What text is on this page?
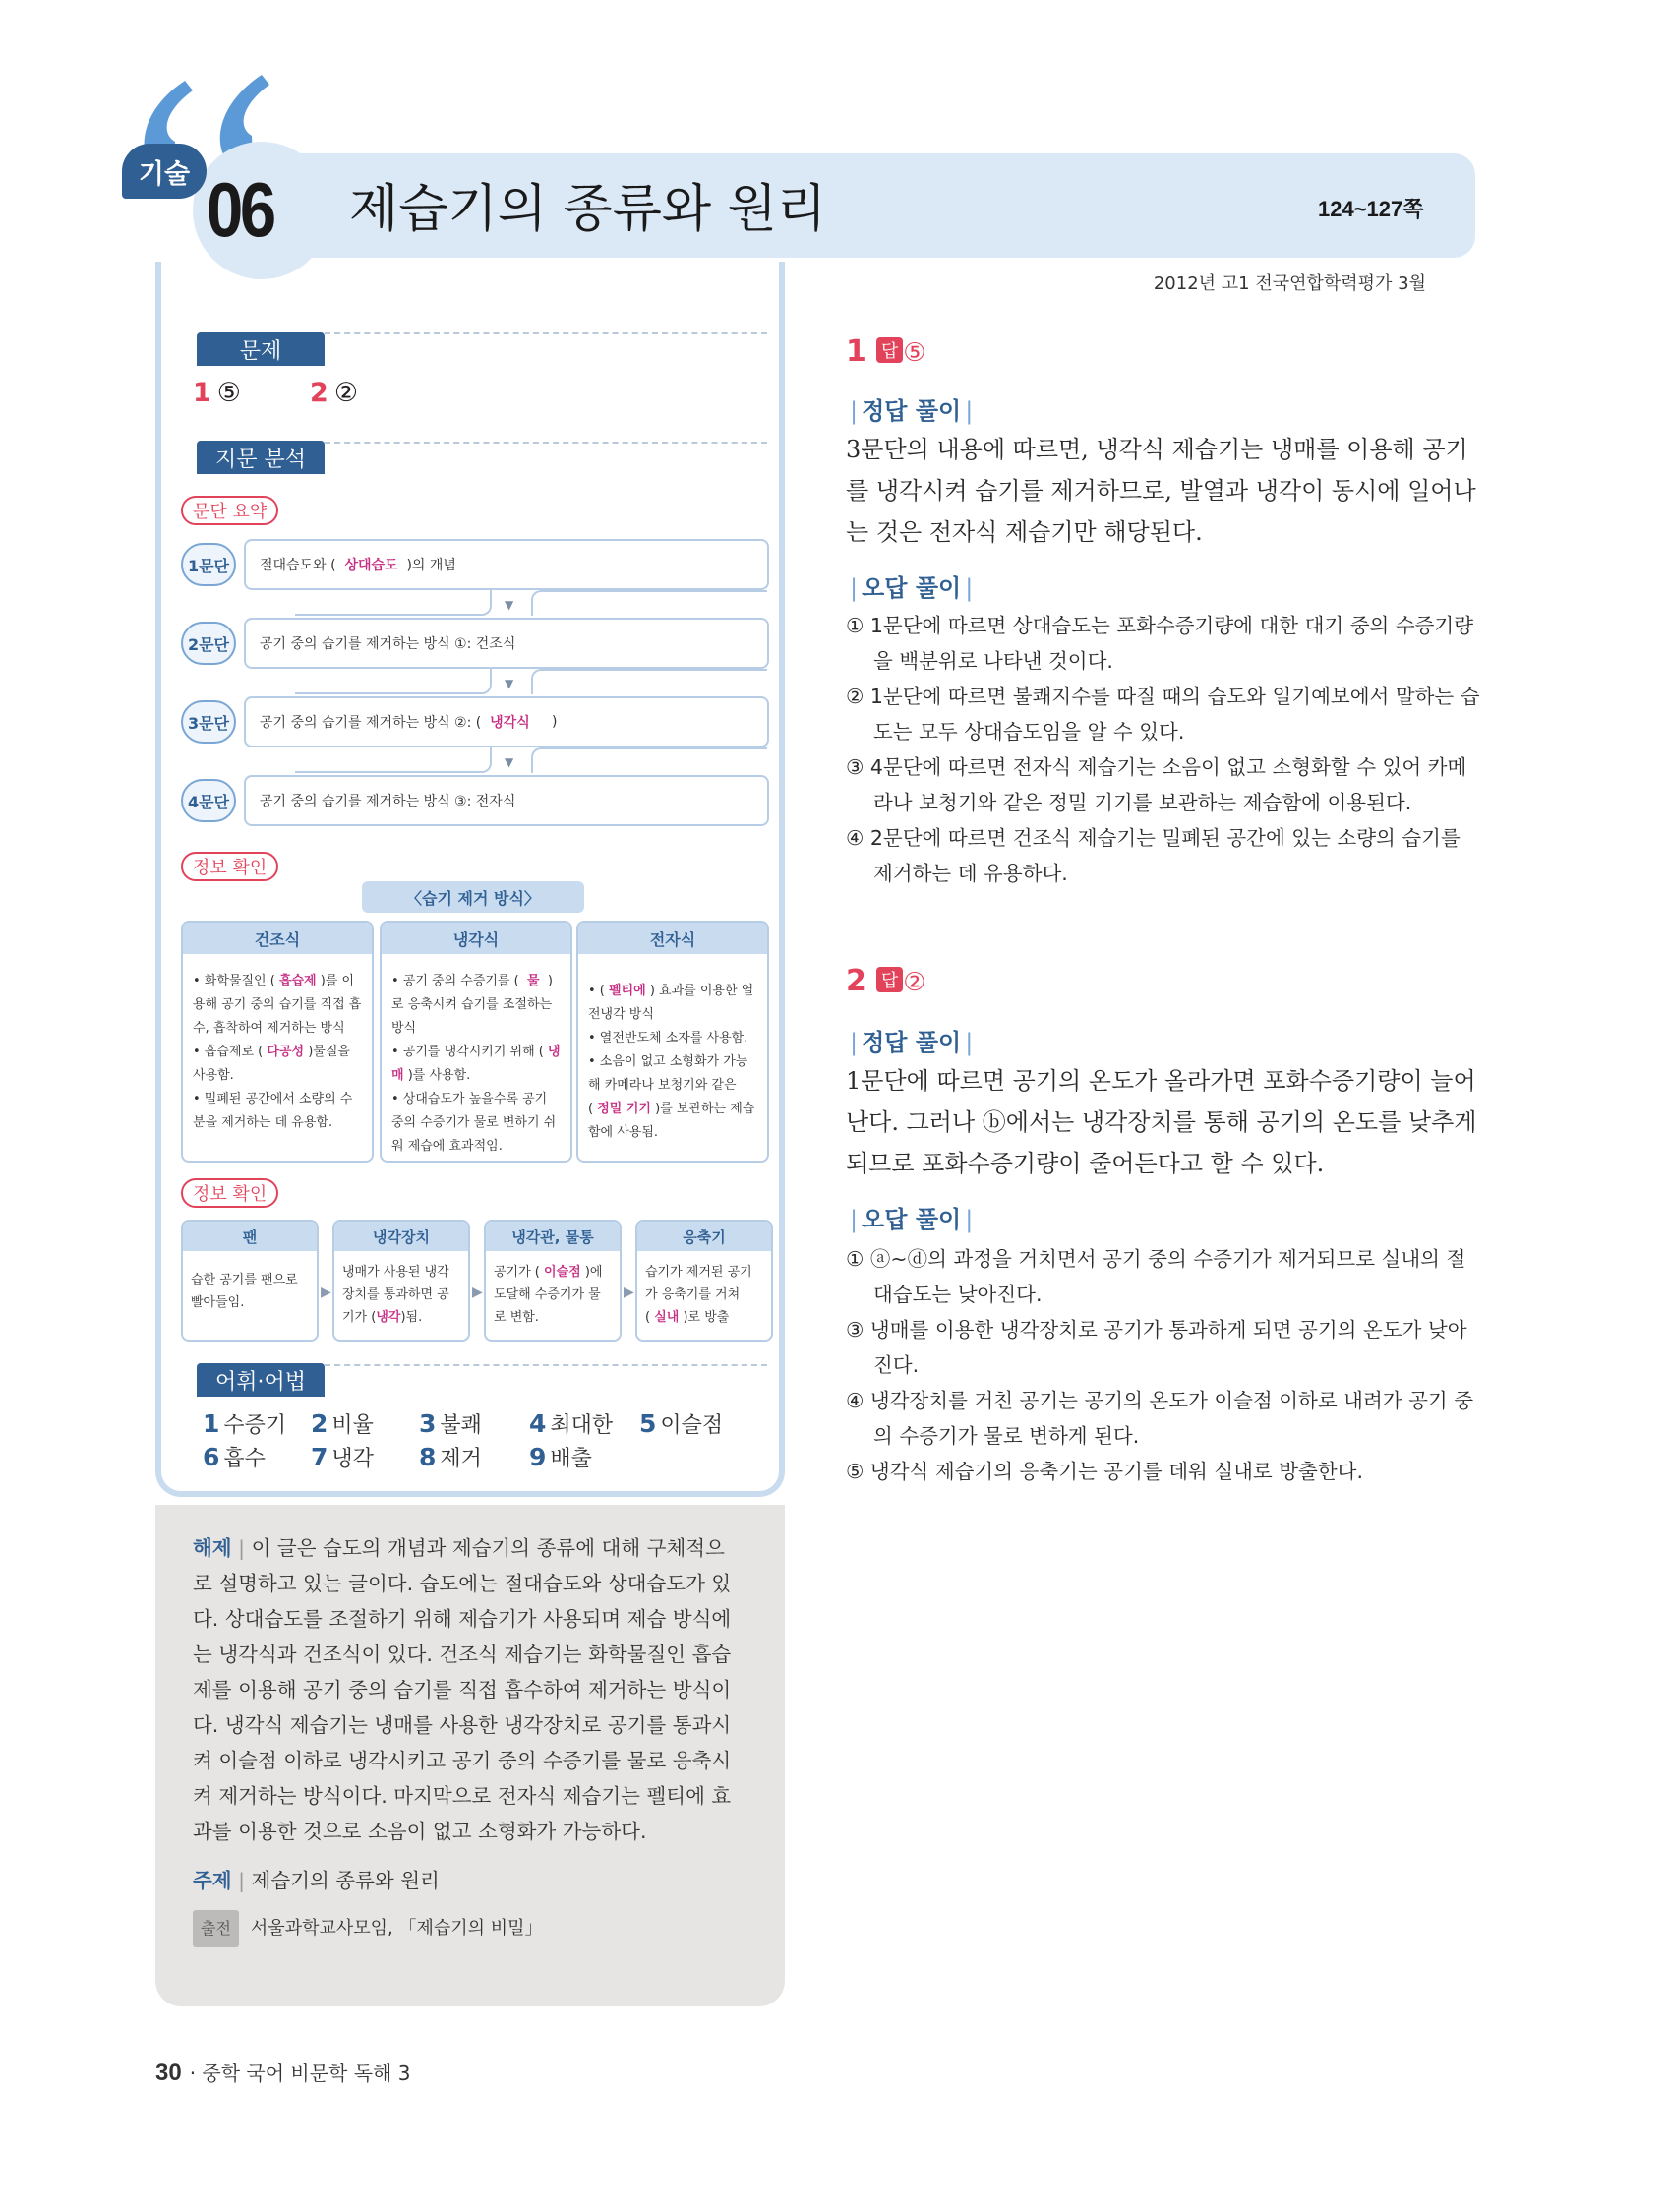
기술 06 제습기의 종류와 원리	124~127쪽
2012년 고1 전국연합학력평가 3월
문제
1 ⑤	2 ②
지문 분석
문단 요약
1문단	절대습도와 (
상대습도
)의 개념
▼
2문단	공기 중의 습기를 제거하는 방식 ①: 건조식
▼
3문단	공기 중의 습기를 제거하는 방식 ②: (
냉각식
)
▼
4문단	공기 중의 습기를 제거하는 방식 ③: 전자식
정보 확인
〈습기 제거 방식〉
건조식
• 화학물질인 ( 흡습제 )를 이용해 공기 중의 습기를 직접 흡수, 흡착하여 제거하는 방식
• 흡습제로 ( 다공성 )물질을 사용함.
• 밀폐된 공간에서 소량의 수분을 제거하는 데 유용함.
냉각식
• 공기 중의 수증기를 ( 물 )로 응축시켜 습기를 조절하는 방식
• 공기를 냉각시키기 위해 ( 냉매 )를 사용함.
• 상대습도가 높을수록 공기 중의 수증기가 물로 변하기 쉬워 제습에 효과적임.
전자식
• ( 펠티에 ) 효과를 이용한 열전냉각 방식
• 열전반도체 소자를 사용함.
• 소음이 없고 소형화가 가능해 카메라나 보청기와 같은 ( 정밀 기기 )를 보관하는 제습함에 사용됨.
정보 확인
팬
습한 공기를 팬으로 빨아들임.
▶
냉각장치
냉매가 사용된 냉각장치를 통과하면 공기가 (냉각)됨.
▶
냉각관, 물통
공기가 ( 이슬점 )에 도달해 수증기가 물로 변함.
▶
응축기
습기가 제거된 공기가 응축기를 거쳐 ( 실내 )로 방출
어휘·어법
1 수증기 2 비율 3 불쾌 4 최대한 5 이슬점
6 흡수 7 냉각 8 제거 9 배출
해제 | 이 글은 습도의 개념과 제습기의 종류에 대해 구체적으로 설명하고 있는 글이다. 습도에는 절대습도와 상대습도가 있다. 상대습도를 조절하기 위해 제습기가 사용되며 제습 방식에는 냉각식과 건조식이 있다. 건조식 제습기는 화학물질인 흡습제를 이용해 공기 중의 습기를 직접 흡수하여 제거하는 방식이다. 냉각식 제습기는 냉매를 사용한 냉각장치로 공기를 통과시켜 이슬점 이하로 냉각시키고 공기 중의 수증기를 물로 응축시켜 제거하는 방식이다. 마지막으로 전자식 제습기는 펠티에 효과를 이용한 것으로 소음이 없고 소형화가 가능하다.
주제 | 제습기의 종류와 원리
출전 서울과학교사모임, 「제습기의 비밀」
1 답 ⑤
| 정답 풀이 |
3문단의 내용에 따르면, 냉각식 제습기는 냉매를 이용해 공기를 냉각시켜 습기를 제거하므로, 발열과 냉각이 동시에 일어나는 것은 전자식 제습기만 해당된다.
| 오답 풀이 |
① 1문단에 따르면 상대습도는 포화수증기량에 대한 대기 중의 수증기량을 백분위로 나타낸 것이다.
② 1문단에 따르면 불쾌지수를 따질 때의 습도와 일기예보에서 말하는 습도는 모두 상대습도임을 알 수 있다.
③ 4문단에 따르면 전자식 제습기는 소음이 없고 소형화할 수 있어 카메라나 보청기와 같은 정밀 기기를 보관하는 제습함에 이용된다.
④ 2문단에 따르면 건조식 제습기는 밀폐된 공간에 있는 소량의 습기를 제거하는 데 유용하다.
2 답 ②
| 정답 풀이 |
1문단에 따르면 공기의 온도가 올라가면 포화수증기량이 늘어난다. 그러나 ⓑ에서는 냉각장치를 통해 공기의 온도를 낮추게 되므로 포화수증기량이 줄어든다고 할 수 있다.
| 오답 풀이 |
① ⓐ~ⓓ의 과정을 거치면서 공기 중의 수증기가 제거되므로 실내의 절대습도는 낮아진다.
③ 냉매를 이용한 냉각장치로 공기가 통과하게 되면 공기의 온도가 낮아진다.
④ 냉각장치를 거친 공기는 공기의 온도가 이슬점 이하로 내려가 공기 중의 수증기가 물로 변하게 된다.
⑤ 냉각식 제습기의 응축기는 공기를 데워 실내로 방출한다.
30 · 중학 국어 비문학 독해 3
